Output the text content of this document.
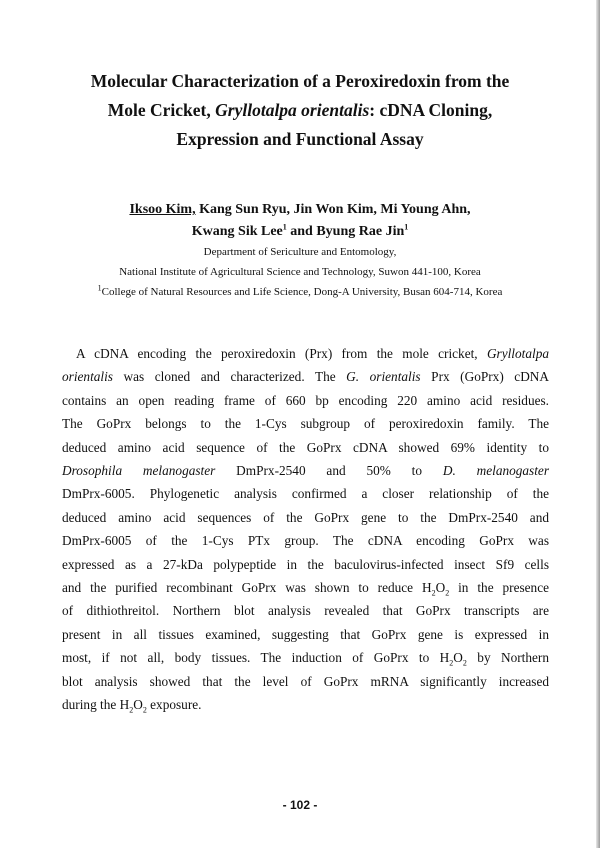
Molecular Characterization of a Peroxiredoxin from the
Mole Cricket, Gryllotalpa orientalis: cDNA Cloning,
Expression and Functional Assay
Iksoo Kim, Kang Sun Ryu, Jin Won Kim, Mi Young Ahn,
Kwang Sik Lee$^1$ and Byung Rae Jin$^1$
Department of Sericulture and Entomology,
National Institute of Agricultural Science and Technology, Suwon 441-100, Korea
$^1$College of Natural Resources and Life Science, Dong-A University, Busan 604-714, Korea
A cDNA encoding the peroxiredoxin (Prx) from the mole cricket, Gryllotalpa
orientalis was cloned and characterized. The G. orientalis Prx (GoPrx) cDNA
contains an open reading frame of 660 bp encoding 220 amino acid residues.
The GoPrx belongs to the 1-Cys subgroup of peroxiredoxin family. The
deduced amino acid sequence of the GoPrx cDNA showed 69% identity to
Drosophila melanogaster DmPrx-2540 and 50% to D. melanogaster
DmPrx-6005. Phylogenetic analysis confirmed a closer relationship of the
deduced amino acid sequences of the GoPrx gene to the DmPrx-2540 and
DmPrx-6005 of the 1-Cys PTx group. The cDNA encoding GoPrx was
expressed as a 27-kDa polypeptide in the baculovirus-infected insect Sf9 cells
and the purified recombinant GoPrx was shown to reduce $H_2O_2$ in the presence
of dithiothreitol. Northern blot analysis revealed that GoPrx transcripts are
present in all tissues examined, suggesting that GoPrx gene is expressed in
most, if not all, body tissues. The induction of GoPrx to $H_2O_2$ by Northern
blot analysis showed that the level of GoPrx mRNA significantly increased
during the $H_2O_2$ exposure.
- 102 -
